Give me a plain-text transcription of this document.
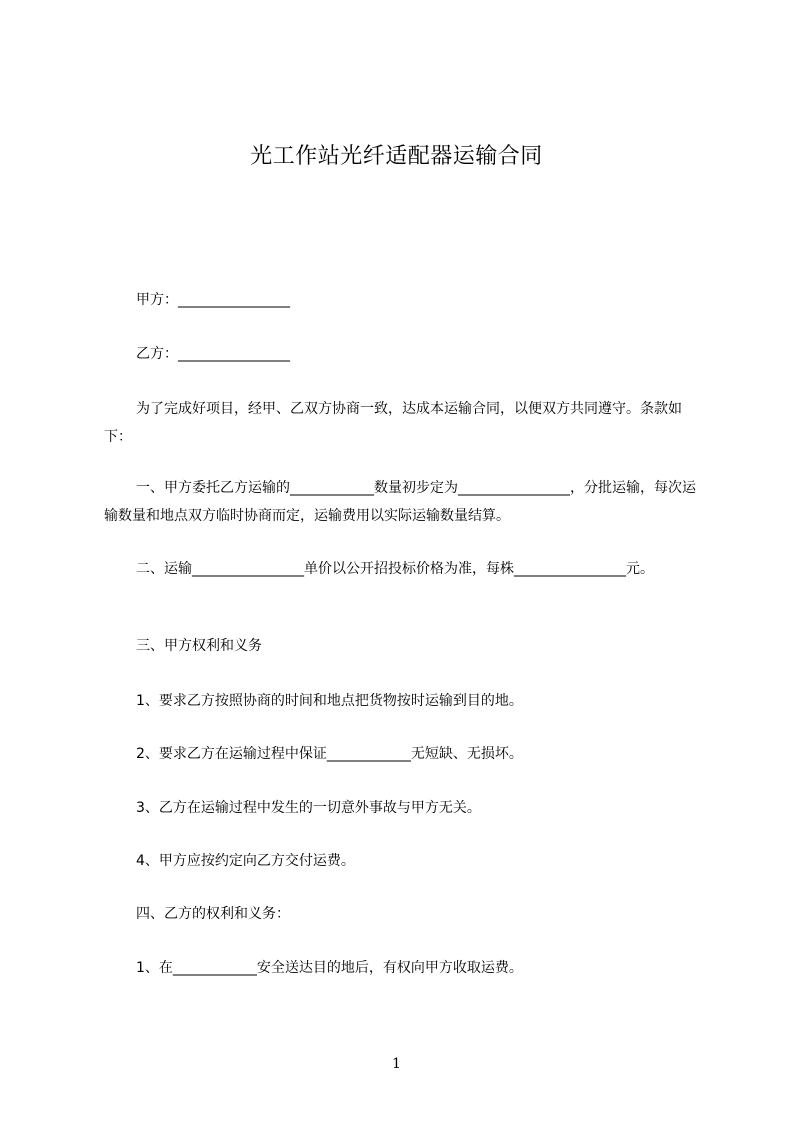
光工作站光纤适配器运输合同

甲方：________________

乙方：________________

为了完成好项目，经甲、乙双方协商一致，达成本运输合同，以便双方共同遵守。条款如下：

一、甲方委托乙方运输的____________数量初步定为________________，分批运输，每次运输数量和地点双方临时协商而定，运输费用以实际运输数量结算。

二、运输________________单价以公开招投标价格为准，每株________________元。

三、甲方权利和义务

1、要求乙方按照协商的时间和地点把货物按时运输到目的地。

2、要求乙方在运输过程中保证____________无短缺、无损坏。

3、乙方在运输过程中发生的一切意外事故与甲方无关。

4、甲方应按约定向乙方交付运费。

四、乙方的权利和义务：

1、在____________安全送达目的地后，有权向甲方收取运费。

1
